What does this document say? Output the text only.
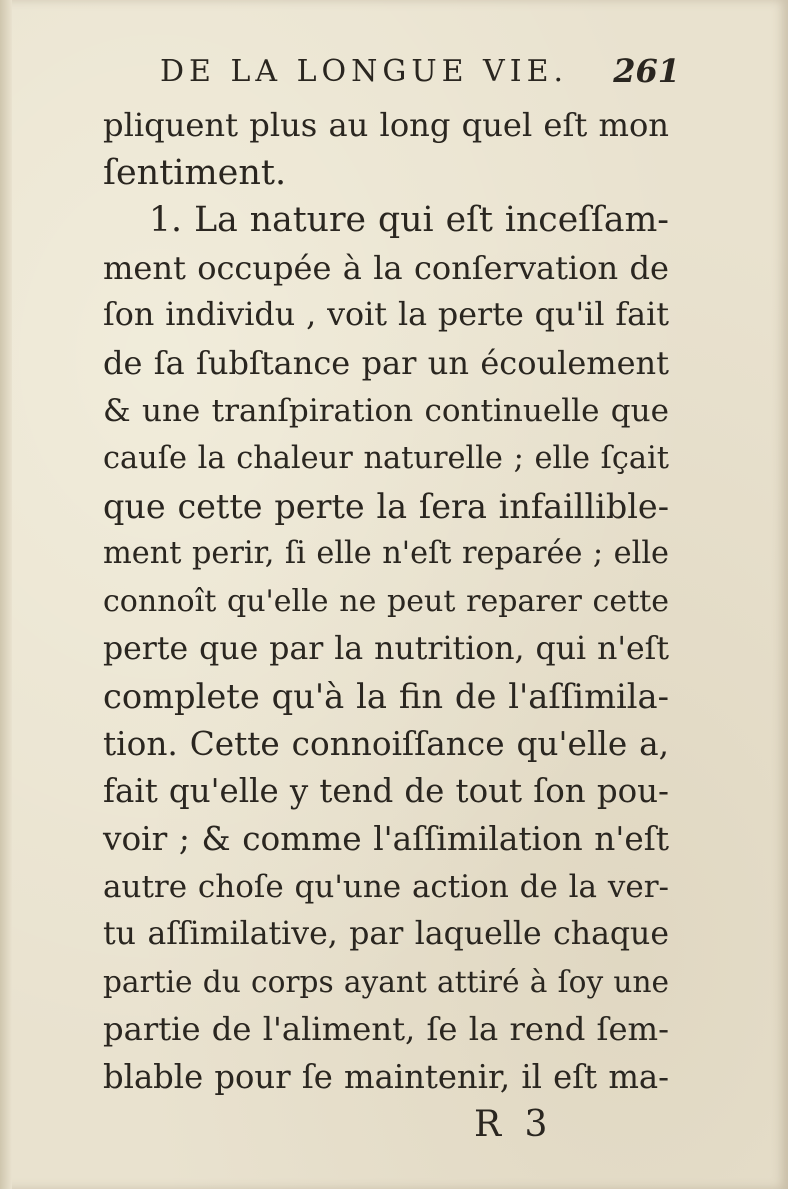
DE LA LONGUE VIE. 261
pliquent plus au long quel eſt mon
ſentiment.
1. La nature qui eſt inceſſam-
ment occupée à la conſervation de
ſon individu , voit la perte qu'il fait
de ſa ſubſtance par un écoulement
& une tranſpiration continuelle que
cauſe la chaleur naturelle ; elle ſçait
que cette perte la ſera infaillible-
ment perir, ſi elle n'eſt reparée ; elle
connoît qu'elle ne peut reparer cette
perte que par la nutrition, qui n'eſt
complete qu'à la fin de l'aſſimila-
tion. Cette connoiſſance qu'elle a,
fait qu'elle y tend de tout ſon pou-
voir ; & comme l'aſſimilation n'eſt
autre choſe qu'une action de la ver-
tu aſſimilative, par laquelle chaque
partie du corps ayant attiré à ſoy une
partie de l'aliment, ſe la rend ſem-
blable pour ſe maintenir, il eſt ma-
R 3
